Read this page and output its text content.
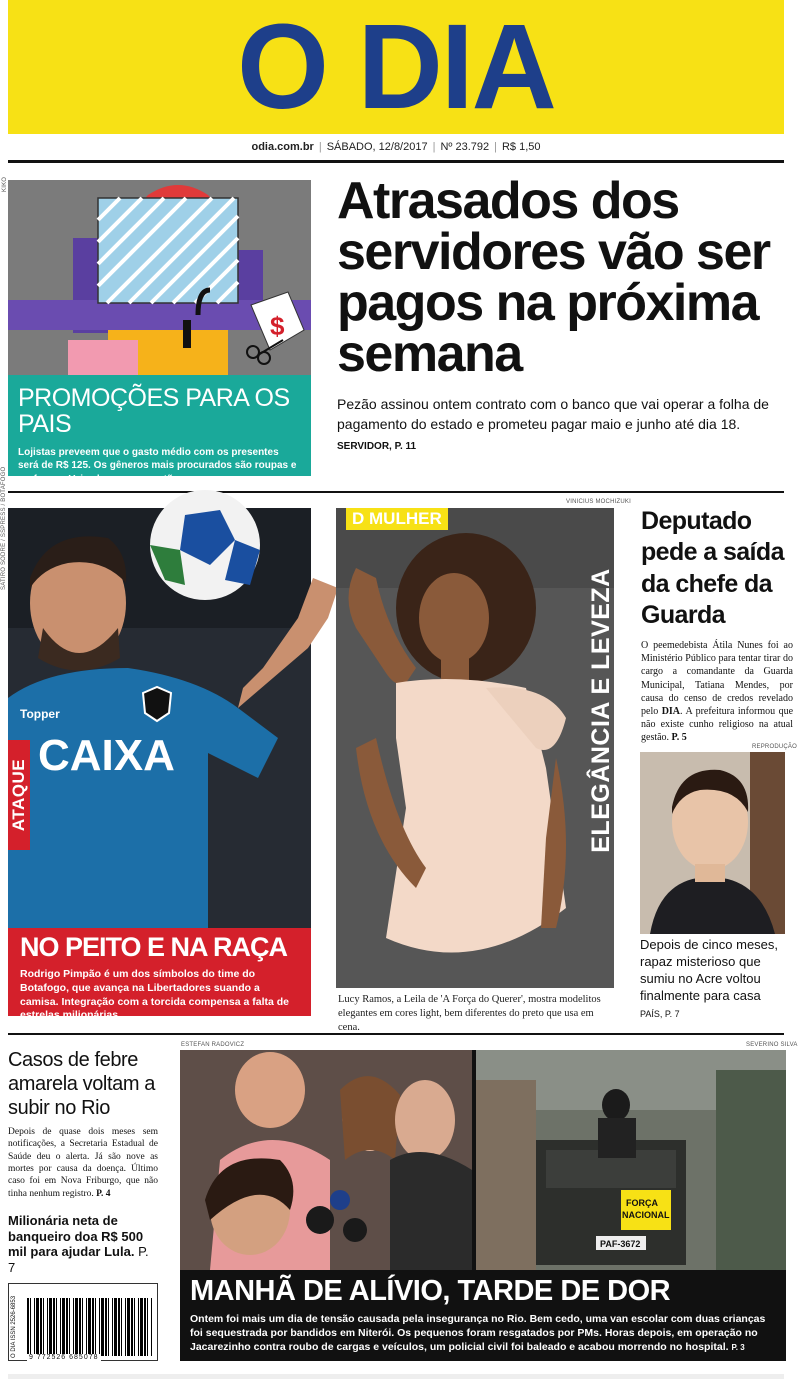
O DIA
odia.com.br | SÁBADO, 12/8/2017 | Nº 23.792 | R$ 1,50
KIKO
$
PROMOÇÕES PARA OS PAIS

Lojistas preveem que o gasto médio com os presentes será de R$ 125. Os gêneros mais procurados são roupas e perfumes. Veja algumas sugestões. P. 10

Atrasados dos servidores vão ser pagos na próxima semana

Pezão assinou ontem contrato com o banco que vai operar a folha de pagamento do estado e prometeu pagar maio e junho até dia 18. SERVIDOR, P. 11

SATIRO SODRÉ / SSPRESS / BOTAFOGO
CAIXA
Topper
ATAQUE
NO PEITO E NA RAÇA

Rodrigo Pimpão é um dos símbolos do time do Botafogo, que avança na Libertadores suando a camisa. Integração com a torcida compensa a falta de estrelas milionárias.

VINICIUS MOCHIZUKI
D MULHER
ELEGÂNCIA E LEVEZA
Lucy Ramos, a Leila de 'A Força do Querer', mostra modelitos elegantes em cores light, bem diferentes do preto que usa em cena.
Deputado pede a saída da chefe da Guarda

O peemedebista Átila Nunes foi ao Ministério Público para tentar tirar do cargo a comandante da Guarda Municipal, Tatiana Mendes, por causa do censo de credos revelado pelo DIA. A prefeitura informou que não existe cunho religioso na atual gestão. P. 5

REPRODUÇÃO
Depois de cinco meses, rapaz misterioso que sumiu no Acre voltou finalmente para casa
PAÍS, P. 7
Casos de febre amarela voltam a subir no Rio

Depois de quase dois meses sem notificações, a Secretaria Estadual de Saúde deu o alerta. Já são nove as mortes por causa da doença. Último caso foi em Nova Friburgo, que não tinha nenhum registro. P. 4

Milionária neta de banqueiro doa R$ 500 mil para ajudar Lula. P. 7
O DIA ISSN 2526-6853 9 772526 685078
ESTEFAN RADOVICZ	SEVERINO SILVA
FORÇA
NACIONAL
PAF-3672
MANHÃ DE ALÍVIO, TARDE DE DOR

Ontem foi mais um dia de tensão causada pela insegurança no Rio. Bem cedo, uma van escolar com duas crianças foi sequestrada por bandidos em Niterói. Os pequenos foram resgatados por PMs. Horas depois, em operação no Jacarezinho contra roubo de cargas e veículos, um policial civil foi baleado e acabou morrendo no hospital. P. 3
